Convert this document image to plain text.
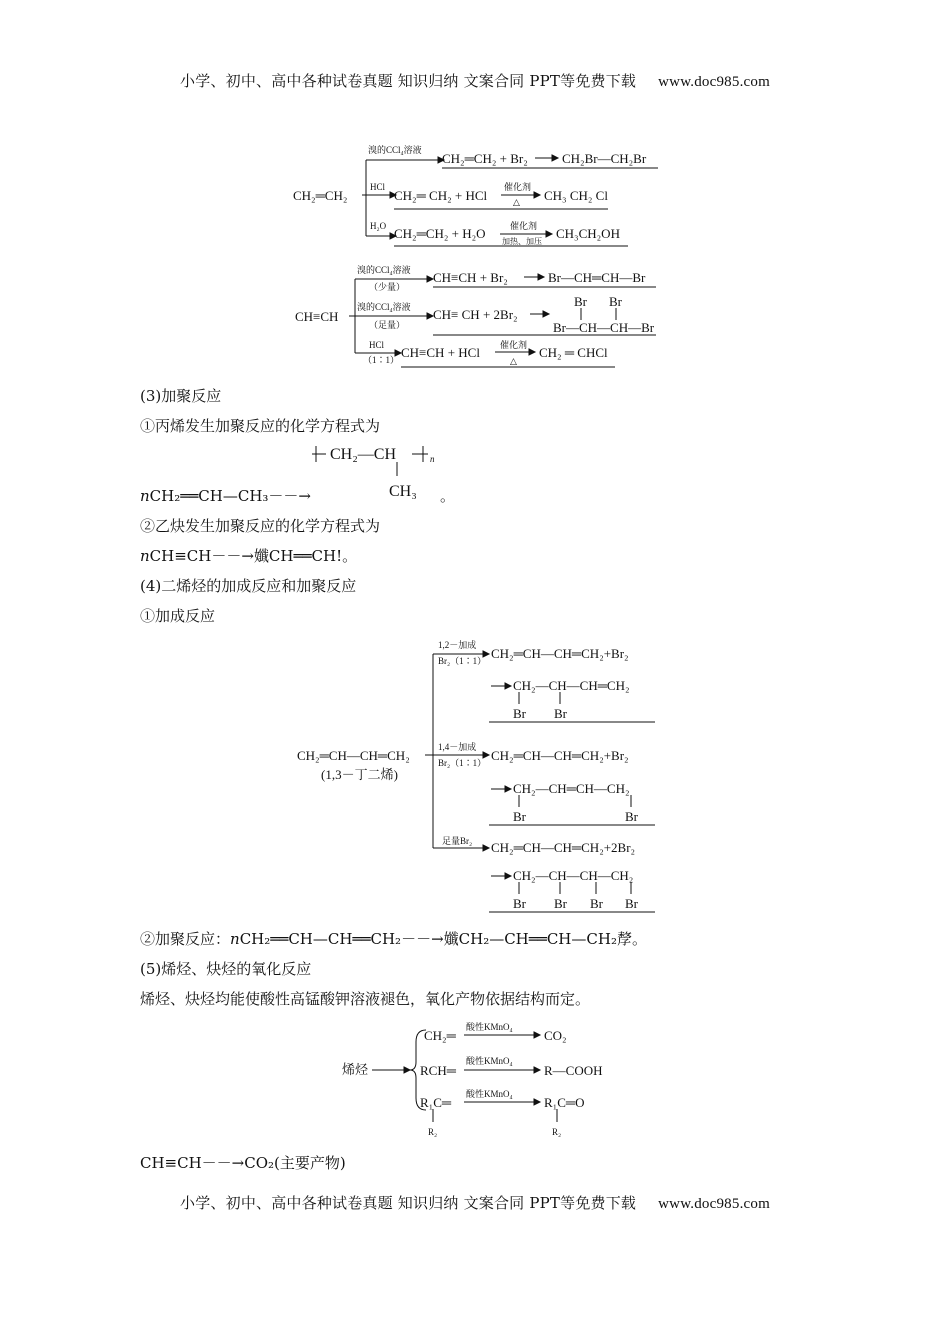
小学、初中、高中各种试卷真题 知识归纳 文案合同 PPT等免费下载 www.doc985.com
CH₂═CH₂
溴的CCl₄溶液
CH₂═CH₂ + Br₂	CH₂Br—CH₂Br
HCl
CH₂═ CH₂ + HCl
催化剂
△ CH₃ CH₂ Cl
H₂O CH₂═CH₂ + H₂O	催化剂
加热、加压
CH₃CH₂OH
CH≡CH
溴的CCl₄溶液
（少量）
CH≡CH + Br₂	Br—CH═CH—Br
溴的CCl₄溶液
（足量）
CH≡ CH + 2Br₂
Br Br
Br—CH—CH—Br
HCl
（1∶1） CH≡CH + HCl 催化剂
△
CH₂ ═ CHCl
(3)加聚反应
①丙烯发生加聚反应的化学方程式为
CH₂—CH	n
CH₃
nCH₂══CH—CH₃－－→	。
②乙炔发生加聚反应的化学方程式为
nCH≡CH－－→孅CH══CH!。
(4)二烯烃的加成反应和加聚反应
①加成反应
CH₂═CH—CH═CH₂
(1,3－丁二烯)
1,2－加成
Br₂（1∶1） CH₂═CH—CH═CH₂+Br₂
CH₂—CH—CH═CH₂
Br Br
1,4－加成
Br₂（1∶1） CH₂═CH—CH═CH₂+Br₂
CH₂—CH═CH—CH₂
Br	Br
足量Br₂ CH₂═CH—CH═CH₂+2Br₂
CH₂—CH—CH—CH₂
Br Br Br Br
②加聚反应：nCH₂══CH—CH══CH₂－－→孅CH₂—CH══CH—CH₂孷。
(5)烯烃、炔烃的氧化反应
烯烃、炔烃均能使酸性高锰酸钾溶液褪色，氧化产物依据结构而定。
烯烃
酸性KMnO₄
酸性KMnO₄
酸性KMnO₄
CH₂═	CO₂
RCH═	R—COOH
R₁C═	R₁C═O
R₂	R₂
CH≡CH－－→CO₂(主要产物)
小学、初中、高中各种试卷真题 知识归纳 文案合同 PPT等免费下载 www.doc985.com
